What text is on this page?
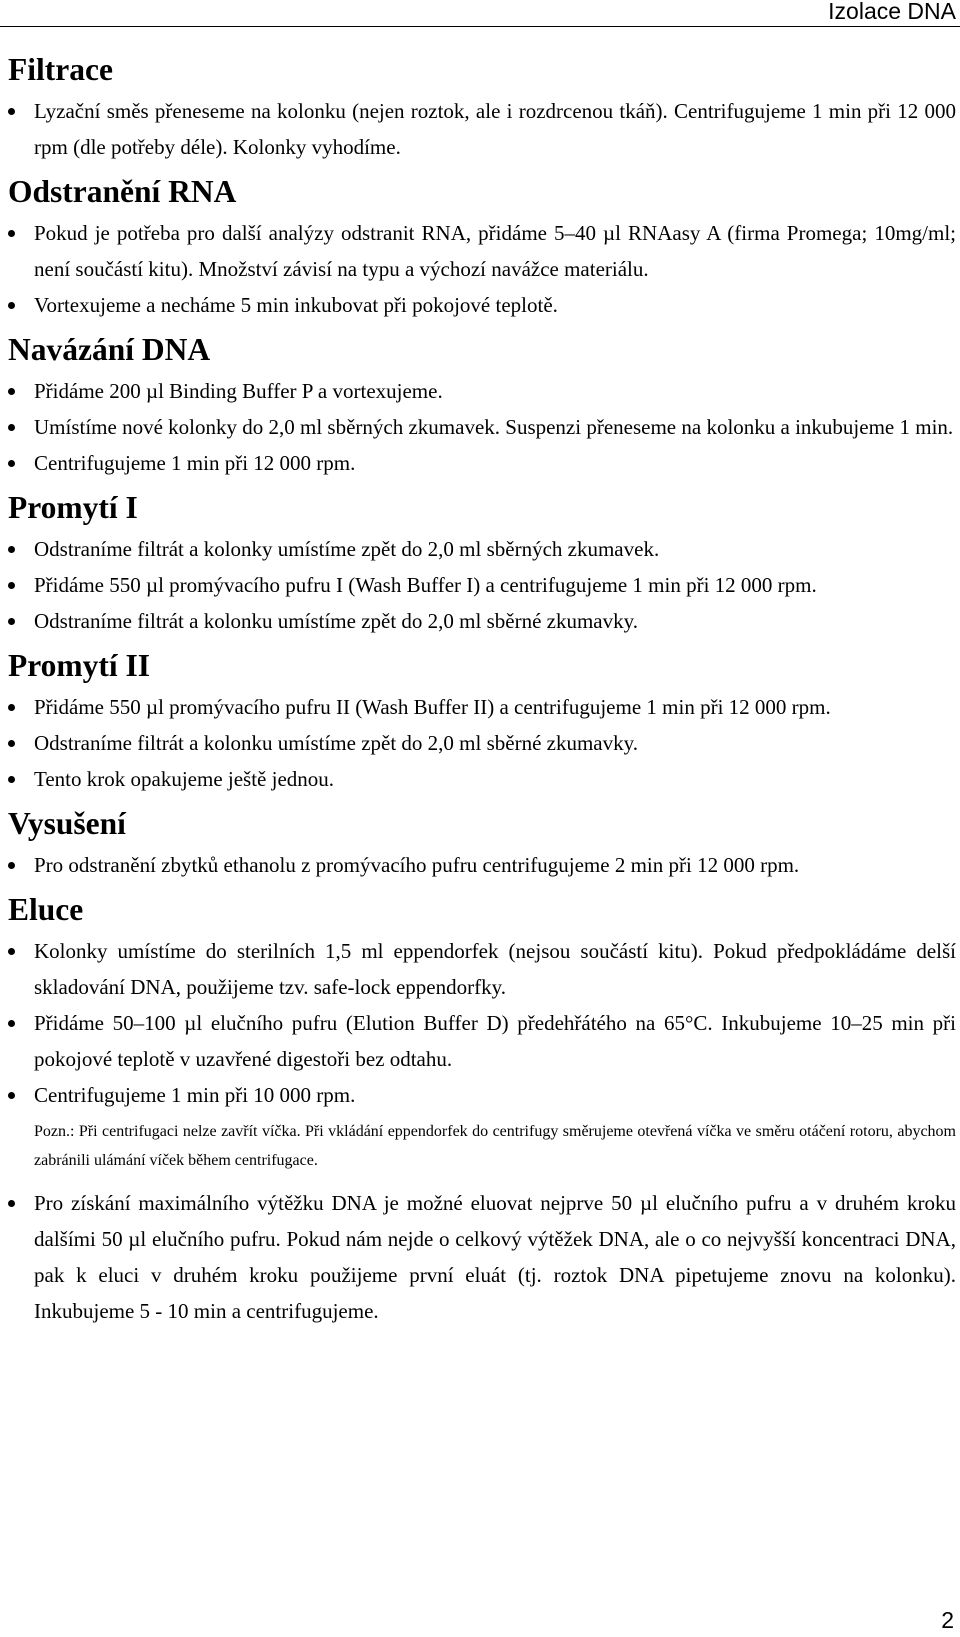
Izolace DNA
Filtrace
Lyzační směs přeneseme na kolonku (nejen roztok, ale i rozdrcenou tkáň). Centrifugujeme 1 min při 12 000 rpm (dle potřeby déle). Kolonky vyhodíme.
Odstranění RNA
Pokud je potřeba pro další analýzy odstranit RNA, přidáme 5–40 µl RNAasy A (firma Promega; 10mg/ml; není součástí kitu). Množství závisí na typu a výchozí navážce materiálu.
Vortexujeme a necháme 5 min inkubovat při pokojové teplotě.
Navázání DNA
Přidáme 200 µl Binding Buffer P a vortexujeme.
Umístíme nové kolonky do 2,0 ml sběrných zkumavek. Suspenzi přeneseme na kolonku a inkubujeme 1 min.
Centrifugujeme 1 min při 12 000 rpm.
Promytí I
Odstraníme filtrát a kolonky umístíme zpět do 2,0 ml sběrných zkumavek.
Přidáme 550 µl promývacího pufru I (Wash Buffer I) a centrifugujeme 1 min při 12 000 rpm.
Odstraníme filtrát a kolonku umístíme zpět do 2,0 ml sběrné zkumavky.
Promytí II
Přidáme 550 µl promývacího pufru II (Wash Buffer II) a centrifugujeme 1 min při 12 000 rpm.
Odstraníme filtrát a kolonku umístíme zpět do 2,0 ml sběrné zkumavky.
Tento krok opakujeme ještě jednou.
Vysušení
Pro odstranění zbytků ethanolu z promývacího pufru centrifugujeme 2 min při 12 000 rpm.
Eluce
Kolonky umístíme do sterilních 1,5 ml eppendorfek (nejsou součástí kitu). Pokud předpokládáme delší skladování DNA, použijeme tzv. safe-lock eppendorfky.
Přidáme 50–100 µl elučního pufru (Elution Buffer D) předehřátého na 65°C. Inkubujeme 10–25 min při pokojové teplotě v uzavřené digestoři bez odtahu.
Centrifugujeme 1 min při 10 000 rpm.

Pozn.: Při centrifugaci nelze zavřít víčka. Při vkládání eppendorfek do centrifugy směrujeme otevřená víčka ve směru otáčení rotoru, abychom zabránili ulámání víček během centrifugace.

Pro získání maximálního výtěžku DNA je možné eluovat nejprve 50 µl elučního pufru a v druhém kroku dalšími 50 µl elučního pufru. Pokud nám nejde o celkový výtěžek DNA, ale o co nejvyšší koncentraci DNA, pak k eluci v druhém kroku použijeme první eluát (tj. roztok DNA pipetujeme znovu na kolonku). Inkubujeme 5 - 10 min a centrifugujeme.
2
